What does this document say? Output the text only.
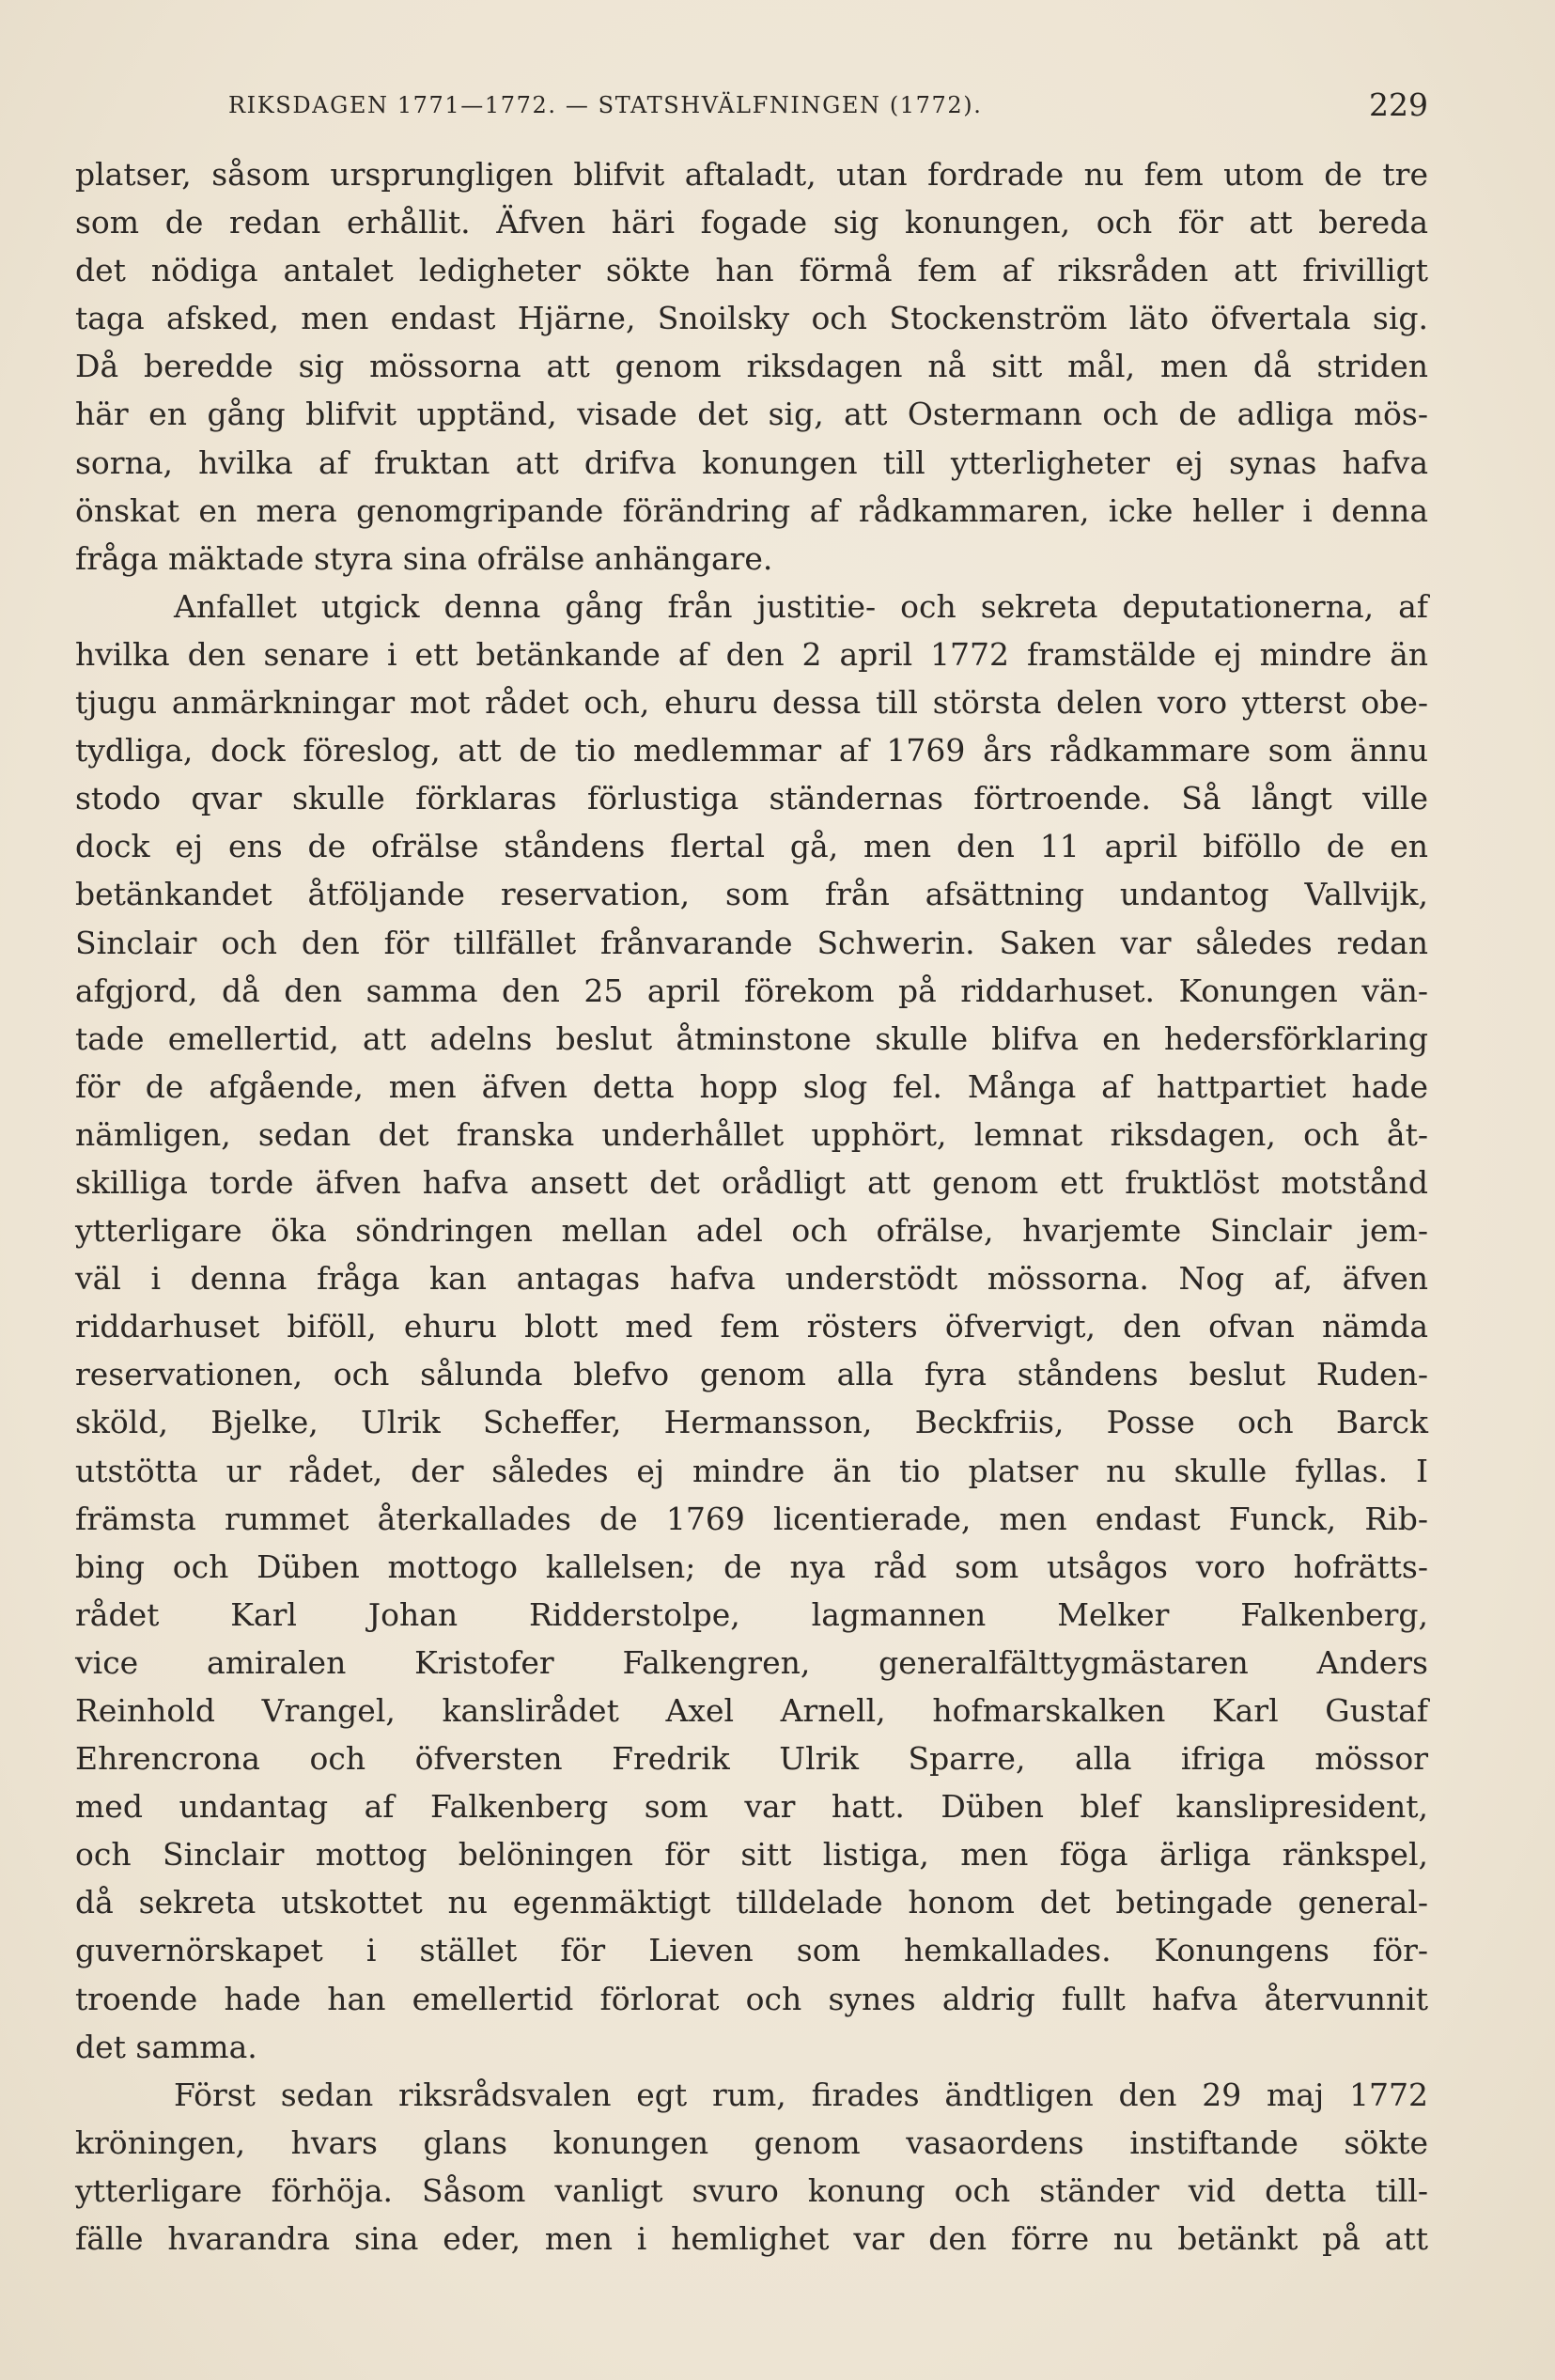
RIKSDAGEN 1771—1772. — STATSHVÄLFNINGEN (1772).	229
platser, såsom ursprungligen blifvit aftaladt, utan fordrade nu fem utom de tre
som de redan erhållit. Äfven häri fogade sig konungen, och för att bereda
det nödiga antalet ledigheter sökte han förmå fem af riksråden att frivilligt
taga afsked, men endast Hjärne, Snoilsky och Stockenström läto öfvertala sig.
Då beredde sig mössorna att genom riksdagen nå sitt mål, men då striden
här en gång blifvit upptänd, visade det sig, att Ostermann och de adliga mös-
sorna, hvilka af fruktan att drifva konungen till ytterligheter ej synas hafva
önskat en mera genomgripande förändring af rådkammaren, icke heller i denna
fråga mäktade styra sina ofrälse anhängare.
Anfallet utgick denna gång från justitie- och sekreta deputationerna, af
hvilka den senare i ett betänkande af den 2 april 1772 framstälde ej mindre än
tjugu anmärkningar mot rådet och, ehuru dessa till största delen voro ytterst obe-
tydliga, dock föreslog, att de tio medlemmar af 1769 års rådkammare som ännu
stodo qvar skulle förklaras förlustiga ständernas förtroende. Så långt ville
dock ej ens de ofrälse ståndens flertal gå, men den 11 april biföllo de en
betänkandet åtföljande reservation, som från afsättning undantog Vallvijk,
Sinclair och den för tillfället frånvarande Schwerin. Saken var således redan
afgjord, då den samma den 25 april förekom på riddarhuset. Konungen vän-
tade emellertid, att adelns beslut åtminstone skulle blifva en hedersförklaring
för de afgående, men äfven detta hopp slog fel. Många af hattpartiet hade
nämligen, sedan det franska underhållet upphört, lemnat riksdagen, och åt-
skilliga torde äfven hafva ansett det orådligt att genom ett fruktlöst motstånd
ytterligare öka söndringen mellan adel och ofrälse, hvarjemte Sinclair jem-
väl i denna fråga kan antagas hafva understödt mössorna. Nog af, äfven
riddarhuset biföll, ehuru blott med fem rösters öfvervigt, den ofvan nämda
reservationen, och sålunda blefvo genom alla fyra ståndens beslut Ruden-
sköld, Bjelke, Ulrik Scheffer, Hermansson, Beckfriis, Posse och Barck
utstötta ur rådet, der således ej mindre än tio platser nu skulle fyllas. I
främsta rummet återkallades de 1769 licentierade, men endast Funck, Rib-
bing och Düben mottogo kallelsen; de nya råd som utsågos voro hofrätts-
rådet Karl Johan Ridderstolpe, lagmannen Melker Falkenberg,
vice amiralen Kristofer Falkengren, generalfälttygmästaren Anders
Reinhold Vrangel, kanslirådet Axel Arnell, hofmarskalken Karl Gustaf
Ehrencrona och öfversten Fredrik Ulrik Sparre, alla ifriga mössor
med undantag af Falkenberg som var hatt. Düben blef kanslipresident,
och Sinclair mottog belöningen för sitt listiga, men föga ärliga ränkspel,
då sekreta utskottet nu egenmäktigt tilldelade honom det betingade general-
guvernörskapet i stället för Lieven som hemkallades. Konungens för-
troende hade han emellertid förlorat och synes aldrig fullt hafva återvunnit
det samma.
Först sedan riksrådsvalen egt rum, firades ändtligen den 29 maj 1772
kröningen, hvars glans konungen genom vasaordens instiftande sökte
ytterligare förhöja. Såsom vanligt svuro konung och ständer vid detta till-
fälle hvarandra sina eder, men i hemlighet var den förre nu betänkt på att
